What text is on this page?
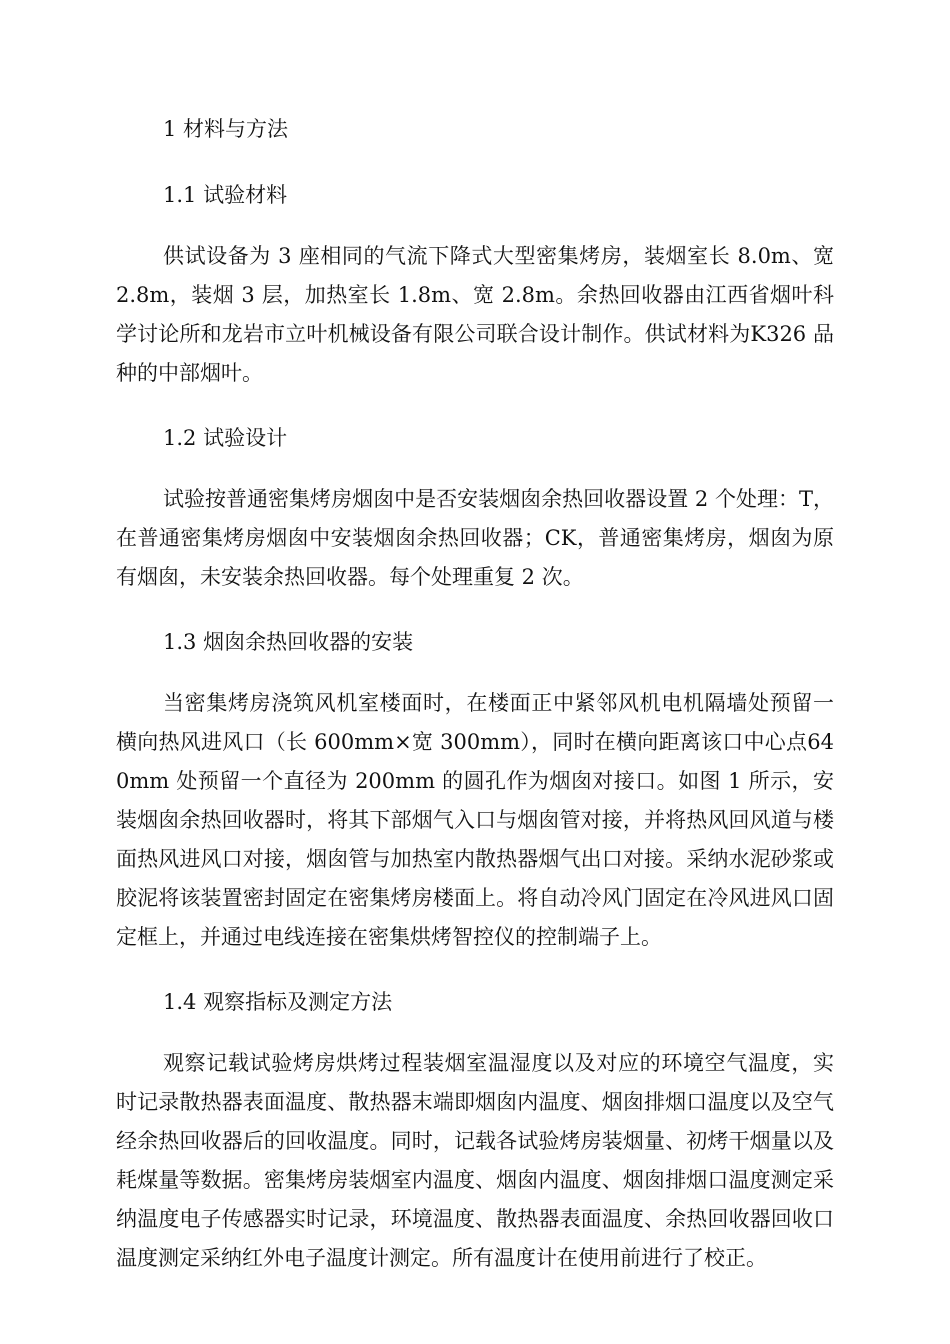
1 材料与方法
1.1 试验材料

供试设备为 3 座相同的气流下降式大型密集烤房，装烟室长 8.0m、宽 2.8m，装烟 3 层，加热室长 1.8m、宽 2.8m。余热回收器由江西省烟叶科学讨论所和龙岩市立叶机械设备有限公司联合设计制作。供试材料为K326 品种的中部烟叶。

1.2 试验设计

试验按普通密集烤房烟囱中是否安装烟囱余热回收器设置 2 个处理：T，在普通密集烤房烟囱中安装烟囱余热回收器；CK，普通密集烤房，烟囱为原有烟囱，未安装余热回收器。每个处理重复 2 次。

1.3 烟囱余热回收器的安装

当密集烤房浇筑风机室楼面时，在楼面正中紧邻风机电机隔墙处预留一横向热风进风口（长 600mm×宽 300mm），同时在横向距离该口中心点640mm 处预留一个直径为 200mm 的圆孔作为烟囱对接口。如图 1 所示，安装烟囱余热回收器时，将其下部烟气入口与烟囱管对接，并将热风回风道与楼面热风进风口对接，烟囱管与加热室内散热器烟气出口对接。采纳水泥砂浆或胶泥将该装置密封固定在密集烤房楼面上。将自动冷风门固定在冷风进风口固定框上，并通过电线连接在密集烘烤智控仪的控制端子上。

1.4 观察指标及测定方法

观察记载试验烤房烘烤过程装烟室温湿度以及对应的环境空气温度，实时记录散热器表面温度、散热器末端即烟囱内温度、烟囱排烟口温度以及空气经余热回收器后的回收温度。同时，记载各试验烤房装烟量、初烤干烟量以及耗煤量等数据。密集烤房装烟室内温度、烟囱内温度、烟囱排烟口温度测定采纳温度电子传感器实时记录，环境温度、散热器表面温度、余热回收器回收口温度测定采纳红外电子温度计测定。所有温度计在使用前进行了校正。
